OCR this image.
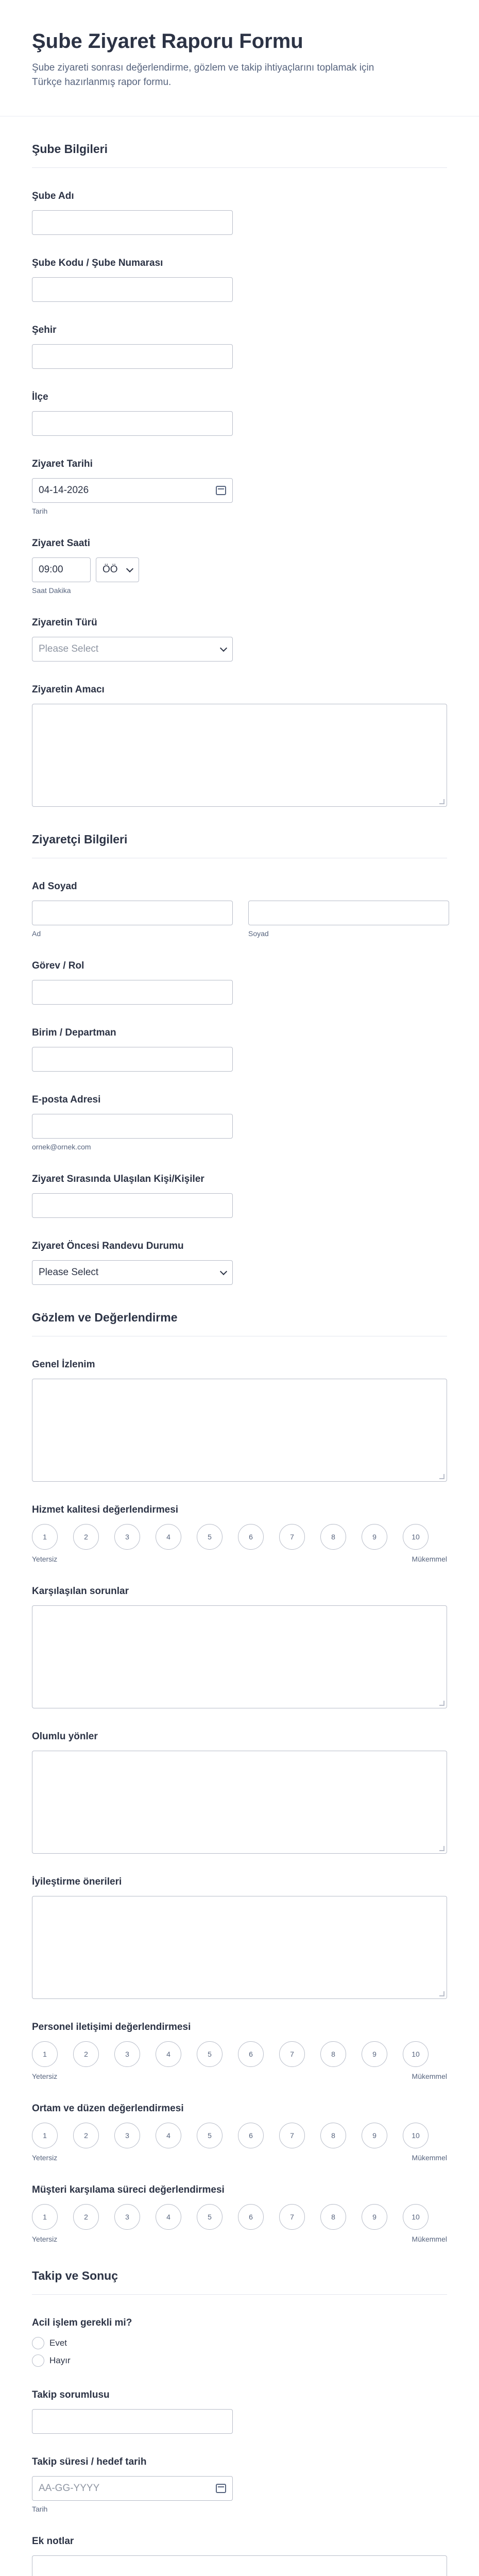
Şube Ziyaret Raporu Formu

Şube ziyareti sonrası değerlendirme, gözlem ve takip ihtiyaçlarını toplamak için Türkçe hazırlanmış rapor formu.

Şube Bilgileri
Şube Adı
Şube Kodu / Şube Numarası
Şehir
İlçe
Ziyaret Tarihi
04-14-2026
Tarih
Ziyaret Saati
09:00	ÖÖ
Saat Dakika
Ziyaretin Türü
Please Select
Ziyaretin Amacı
Ziyaretçi Bilgileri
Ad Soyad
Ad	Soyad
Görev / Rol
Birim / Departman
E-posta Adresi
ornek@ornek.com
Ziyaret Sırasında Ulaşılan Kişi/Kişiler
Ziyaret Öncesi Randevu Durumu
Please Select
Gözlem ve Değerlendirme
Genel İzlenim
Hizmet kalitesi değerlendirmesi
1	2	3	4	5	6	7	8	9	10
Yetersiz	Mükemmel
Karşılaşılan sorunlar
Olumlu yönler
İyileştirme önerileri
Personel iletişimi değerlendirmesi
1	2	3	4	5	6	7	8	9	10
Yetersiz	Mükemmel
Ortam ve düzen değerlendirmesi
1	2	3	4	5	6	7	8	9	10
Yetersiz	Mükemmel
Müşteri karşılama süreci değerlendirmesi
1	2	3	4	5	6	7	8	9	10
Yetersiz	Mükemmel
Takip ve Sonuç
Acil işlem gerekli mi?
Evet
Hayır
Takip sorumlusu
Takip süresi / hedef tarih
AA-GG-YYYY
Tarih
Ek notlar
